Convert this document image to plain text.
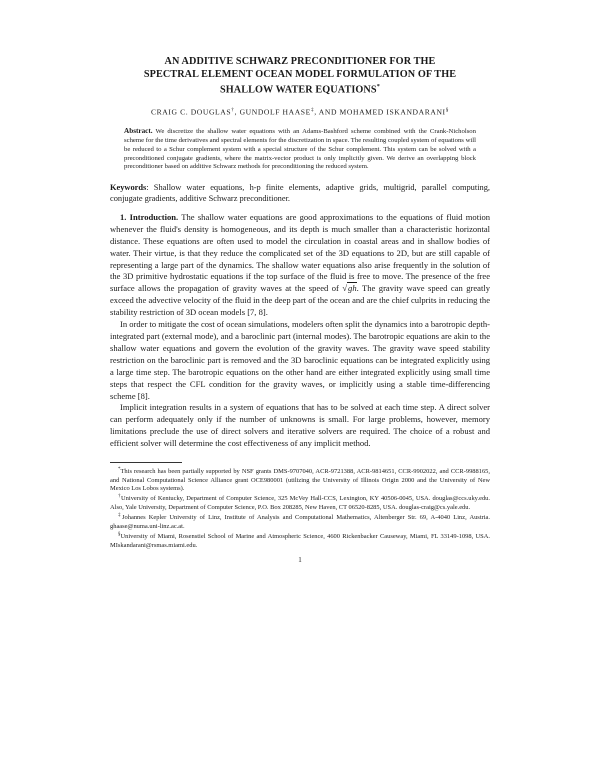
AN ADDITIVE SCHWARZ PRECONDITIONER FOR THE
SPECTRAL ELEMENT OCEAN MODEL FORMULATION OF THE
SHALLOW WATER EQUATIONS*
CRAIG C. DOUGLAS†, GUNDOLF HAASE‡, AND MOHAMED ISKANDARANI§
Abstract. We discretize the shallow water equations with an Adams-Bashford scheme combined with the Crank-Nicholson scheme for the time derivatives and spectral elements for the discretization in space. The resulting coupled system of equations will be reduced to a Schur complement system with a special structure of the Schur complement. This system can be solved with a preconditioned conjugate gradients, where the matrix-vector product is only implicitly given. We derive an overlapping block preconditioner based on additive Schwarz methods for preconditioning the reduced system.
Keywords: Shallow water equations, h-p finite elements, adaptive grids, multigrid, parallel computing, conjugate gradients, additive Schwarz preconditioner.

1. Introduction. The shallow water equations are good approximations to the equations of fluid motion whenever the fluid's density is homogeneous, and its depth is much smaller than a characteristic horizontal distance. These equations are often used to model the circulation in coastal areas and in shallow bodies of water. Their virtue, is that they reduce the complicated set of the 3D equations to 2D, but are still capable of representing a large part of the dynamics. The shallow water equations also arise frequently in the solution of the 3D primitive hydrostatic equations if the top surface of the fluid is free to move. The presence of the free surface allows the propagation of gravity waves at the speed of √gh. The gravity wave speed can greatly exceed the advective velocity of the fluid in the deep part of the ocean and are the chief culprits in reducing the stability restriction of 3D ocean models [7, 8].

In order to mitigate the cost of ocean simulations, modelers often split the dynamics into a barotropic depth-integrated part (external mode), and a baroclinic part (internal modes). The barotropic equations are akin to the shallow water equations and govern the evolution of the gravity waves. The gravity wave speed stability restriction on the baroclinic part is removed and the 3D baroclinic equations can be integrated explicitly using a large time step. The barotropic equations on the other hand are either integrated explicitly using small time steps that respect the CFL condition for the gravity waves, or implicitly using a stable time-differencing scheme [8].

Implicit integration results in a system of equations that has to be solved at each time step. A direct solver can perform adequately only if the number of unknowns is small. For large problems, however, memory limitations preclude the use of direct solvers and iterative solvers are required. The choice of a robust and efficient solver will determine the cost effectiveness of any implicit method.

*This research has been partially supported by NSF grants DMS-9707040, ACR-9721388, ACR-9814651, CCR-9902022, and CCR-9988165, and National Computational Science Alliance grant OCE980001 (utilizing the University of Illinois Origin 2000 and the University of New Mexico Los Lobos systems).

†University of Kentucky, Department of Computer Science, 325 McVey Hall-CCS, Lexington, KY 40506-0045, USA. douglas@ccs.uky.edu. Also, Yale University, Department of Computer Science, P.O. Box 208285, New Haven, CT 06520-8285, USA. douglas-craig@cs.yale.edu.

‡Johannes Kepler University of Linz, Institute of Analysis and Computational Mathematics, Altenberger Str. 69, A-4040 Linz, Austria. ghaase@numa.uni-linz.ac.at.

§University of Miami, Rosenstiel School of Marine and Atmospheric Science, 4600 Rickenbacker Causeway, Miami, FL 33149-1098, USA. MIskandarani@rsmas.miami.edu.

1
